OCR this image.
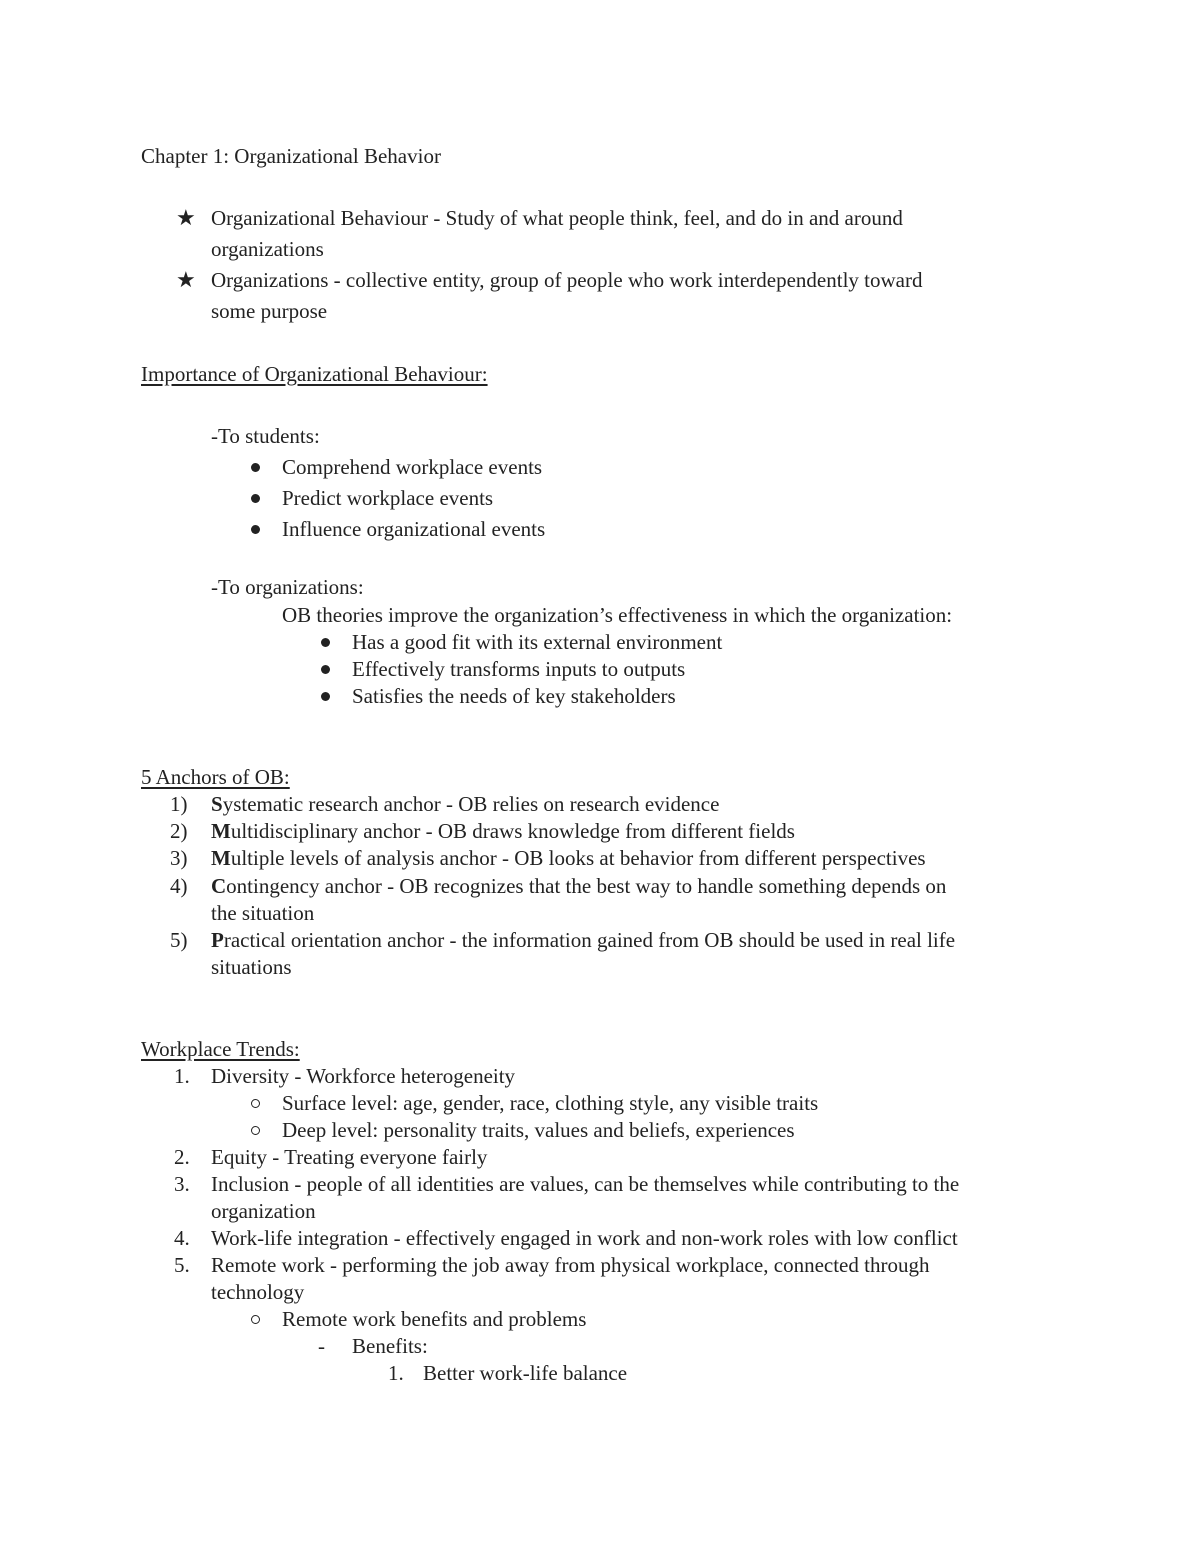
Chapter 1: Organizational Behavior
★ Organizational Behaviour - Study of what people think, feel, and do in and around
organizations
★ Organizations - collective entity, group of people who work interdependently toward
some purpose
Importance of Organizational Behaviour:
-To students:
Comprehend workplace events
Predict workplace events
Influence organizational events
-To organizations:
OB theories improve the organization’s effectiveness in which the organization:
Has a good fit with its external environment
Effectively transforms inputs to outputs
Satisfies the needs of key stakeholders
5 Anchors of OB:
1)	Systematic research anchor - OB relies on research evidence
2)	Multidisciplinary anchor - OB draws knowledge from different fields
3)	Multiple levels of analysis anchor - OB looks at behavior from different perspectives
4)	Contingency anchor - OB recognizes that the best way to handle something depends on
the situation
5)	Practical orientation anchor - the information gained from OB should be used in real life
situations
Workplace Trends:
1.	Diversity - Workforce heterogeneity
Surface level: age, gender, race, clothing style, any visible traits
Deep level: personality traits, values and beliefs, experiences
2.	Equity - Treating everyone fairly
3.	Inclusion - people of all identities are values, can be themselves while contributing to the
organization
4.	Work-life integration - effectively engaged in work and non-work roles with low conflict
5.	Remote work - performing the job away from physical workplace, connected through
technology
Remote work benefits and problems
-	Benefits:
1. Better work-life balance
